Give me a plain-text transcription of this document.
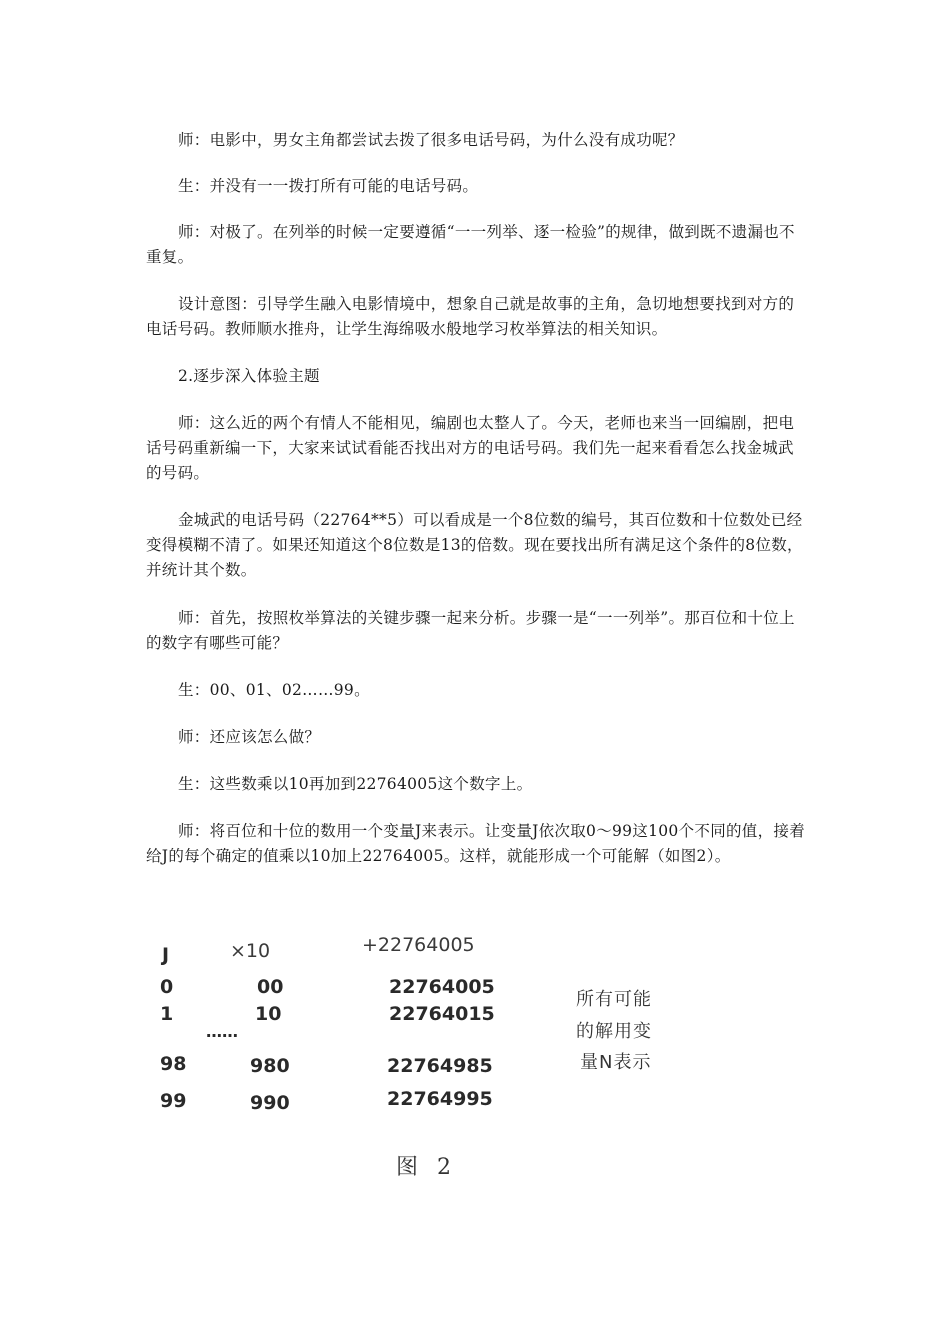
师：电影中，男女主角都尝试去拨了很多电话号码，为什么没有成功呢？

生：并没有一一拨打所有可能的电话号码。

师：对极了。在列举的时候一定要遵循“一一列举、逐一检验”的规律，做到既不遗漏也不重复。

设计意图：引导学生融入电影情境中，想象自己就是故事的主角，急切地想要找到对方的电话号码。教师顺水推舟，让学生海绵吸水般地学习枚举算法的相关知识。

2.逐步深入体验主题

师：这么近的两个有情人不能相见，编剧也太整人了。今天，老师也来当一回编剧，把电话号码重新编一下，大家来试试看能否找出对方的电话号码。我们先一起来看看怎么找金城武的号码。

金城武的电话号码（22764**5）可以看成是一个8位数的编号，其百位数和十位数处已经变得模糊不清了。如果还知道这个8位数是13的倍数。现在要找出所有满足这个条件的8位数，并统计其个数。

师：首先，按照枚举算法的关键步骤一起来分析。步骤一是“一一列举”。那百位和十位上的数字有哪些可能？

生：00、01、02……99。

师：还应该怎么做？

生：这些数乘以10再加到22764005这个数字上。

师：将百位和十位的数用一个变量J来表示。让变量J依次取0～99这100个不同的值，接着给J的每个确定的值乘以10加上22764005。这样，就能形成一个可能解（如图2）。

J	×10	+22764005
0	00	22764005
1	10	22764015
……
98	980	22764985
99	990	22764995
所有可能
的解用变
量N表示
图 2
